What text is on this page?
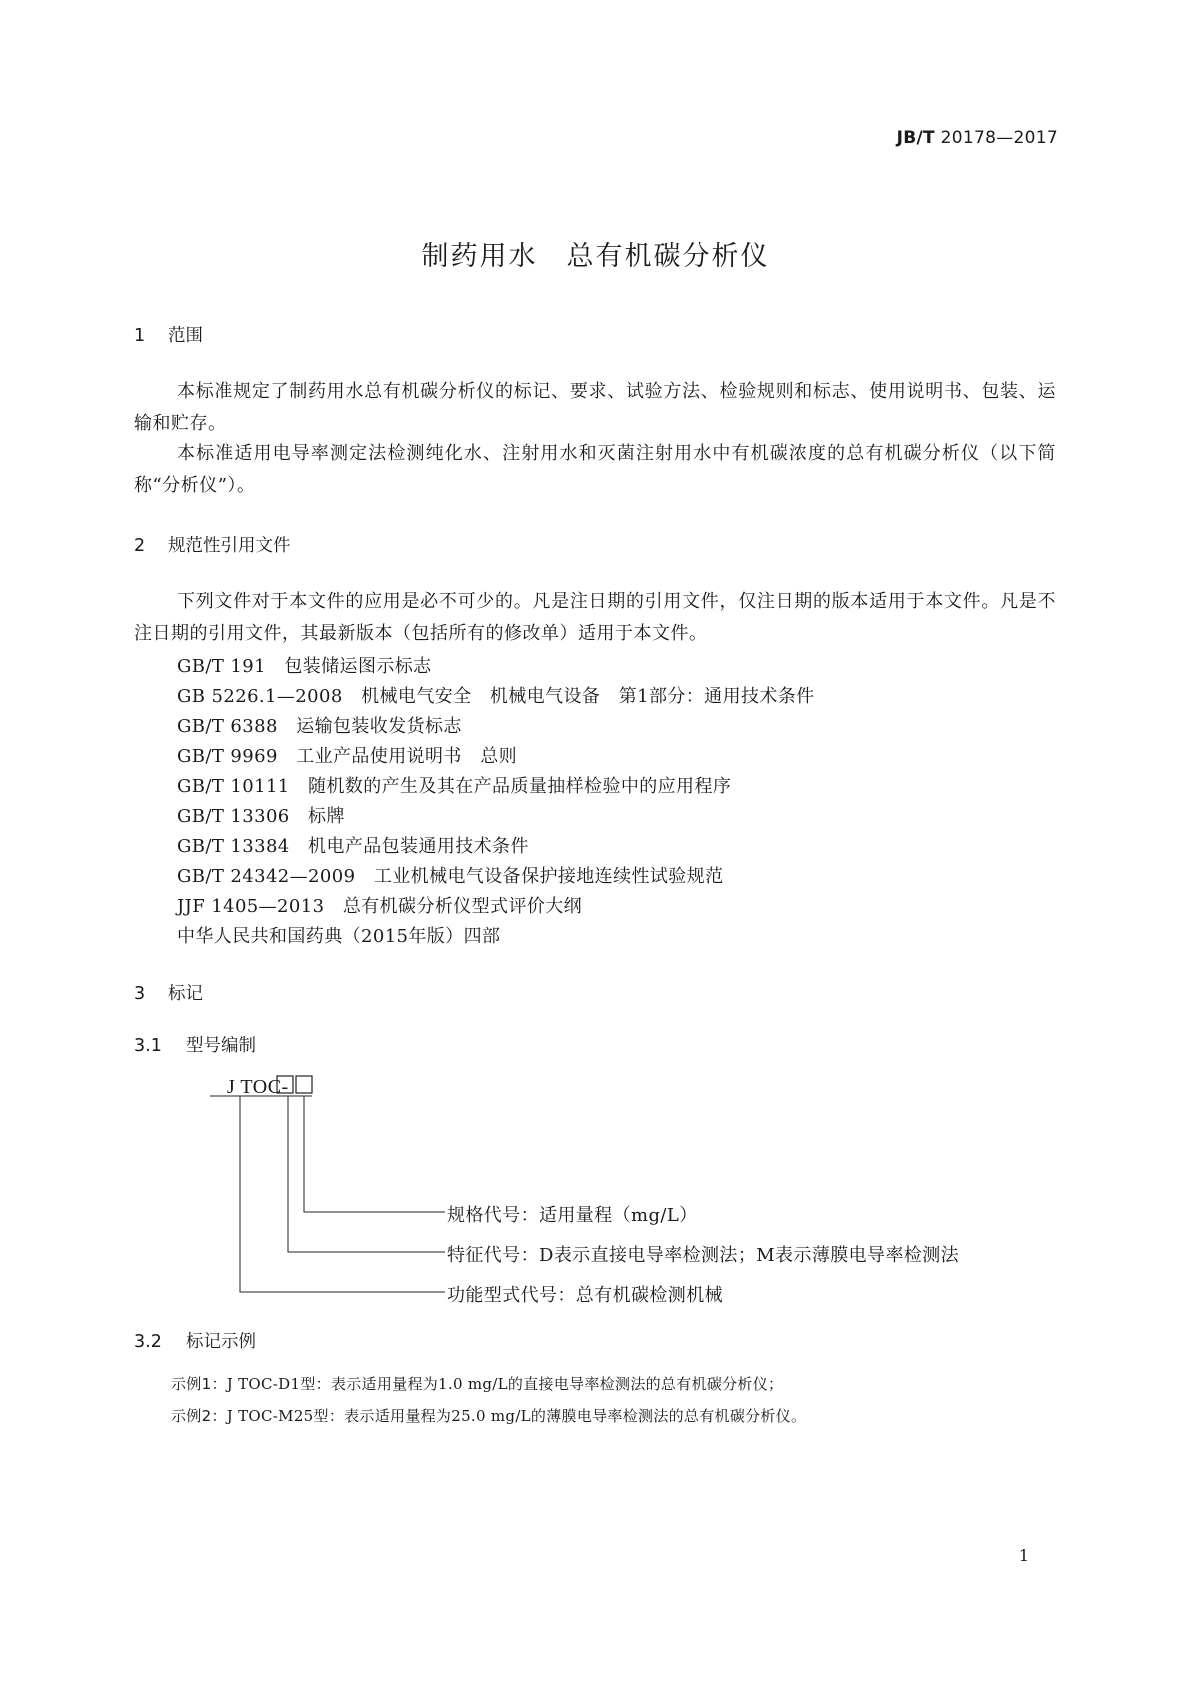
JB/T 20178—2017
制药用水　总有机碳分析仪
1 范围
本标准规定了制药用水总有机碳分析仪的标记、要求、试验方法、检验规则和标志、使用说明书、包装、运输和贮存。
本标准适用电导率测定法检测纯化水、注射用水和灭菌注射用水中有机碳浓度的总有机碳分析仪（以下简称“分析仪”）。
2 规范性引用文件
下列文件对于本文件的应用是必不可少的。凡是注日期的引用文件，仅注日期的版本适用于本文件。凡是不注日期的引用文件，其最新版本（包括所有的修改单）适用于本文件。
GB/T 191　包装储运图示标志
GB 5226.1—2008　机械电气安全　机械电气设备　第1部分：通用技术条件
GB/T 6388　运输包装收发货标志
GB/T 9969　工业产品使用说明书　总则
GB/T 10111　随机数的产生及其在产品质量抽样检验中的应用程序
GB/T 13306　标牌
GB/T 13384　机电产品包装通用技术条件
GB/T 24342—2009　工业机械电气设备保护接地连续性试验规范
JJF 1405—2013　总有机碳分析仪型式评价大纲
中华人民共和国药典（2015年版）四部
3 标记
3.1 型号编制
J TOC-
规格代号：适用量程（mg/L）
特征代号：D表示直接电导率检测法；M表示薄膜电导率检测法
功能型式代号：总有机碳检测机械
3.2 标记示例
示例1：J TOC-D1型：表示适用量程为1.0 mg/L的直接电导率检测法的总有机碳分析仪；
示例2：J TOC-M25型：表示适用量程为25.0 mg/L的薄膜电导率检测法的总有机碳分析仪。
1
